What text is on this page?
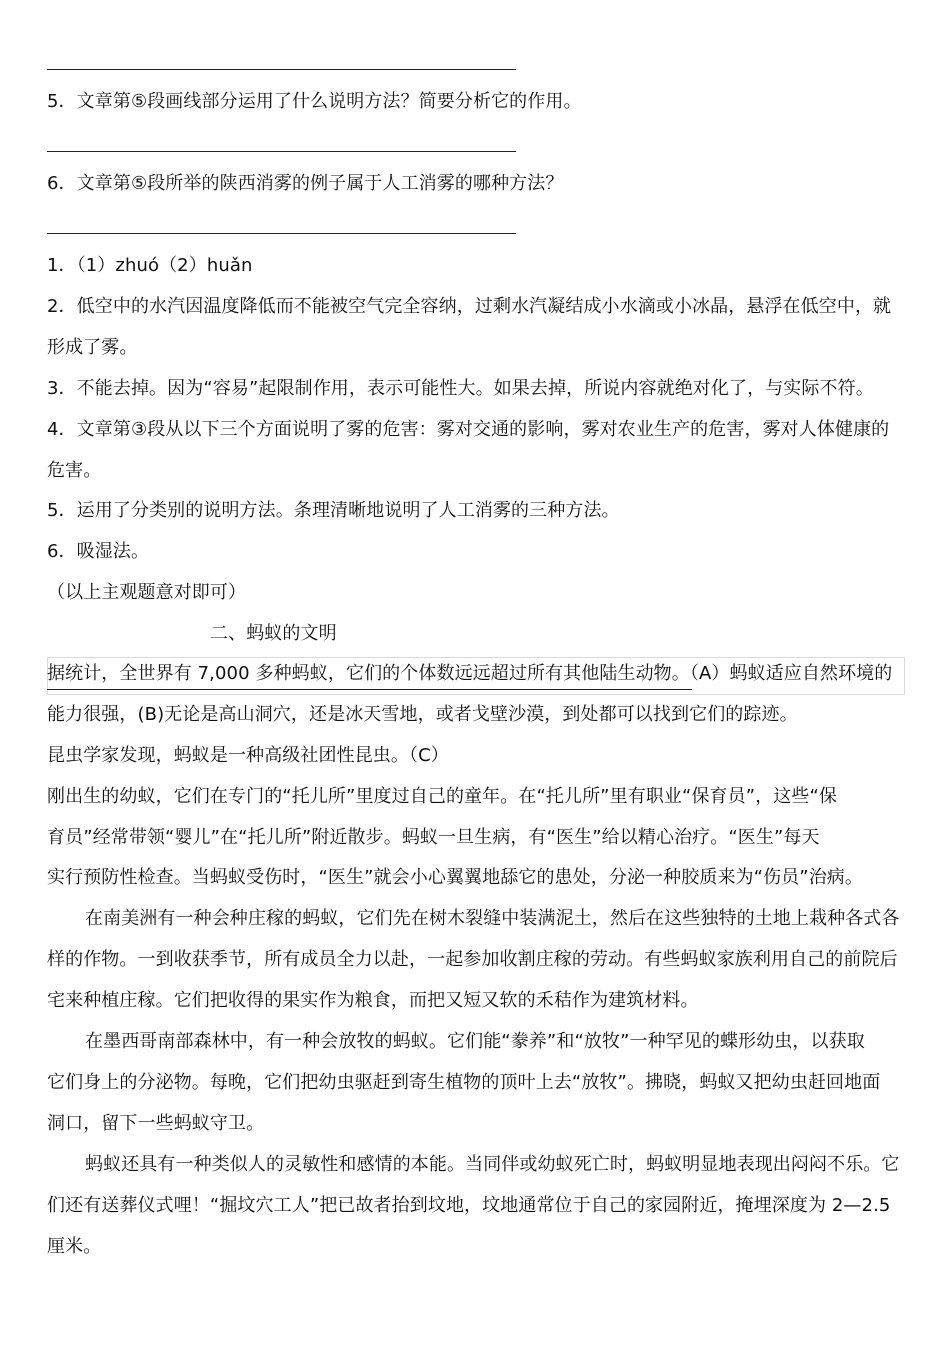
5．文章第⑤段画线部分运用了什么说明方法？简要分析它的作用。
6．文章第⑤段所举的陕西消雾的例子属于人工消雾的哪种方法？
1．（1）zhuó（2）huǎn
2．低空中的水汽因温度降低而不能被空气完全容纳，过剩水汽凝结成小水滴或小冰晶，悬浮在低空中，就
形成了雾。
3．不能去掉。因为“容易”起限制作用，表示可能性大。如果去掉，所说内容就绝对化了，与实际不符。
4．文章第③段从以下三个方面说明了雾的危害：雾对交通的影响，雾对农业生产的危害，雾对人体健康的
危害。
5．运用了分类别的说明方法。条理清晰地说明了人工消雾的三种方法。
6．吸湿法。
（以上主观题意对即可）
二、蚂蚁的文明
据统计，全世界有 7,000 多种蚂蚁，它们的个体数远远超过所有其他陆生动物。（A）蚂蚁适应自然环境的
能力很强，(B)无论是高山洞穴，还是冰天雪地，或者戈壁沙漠，到处都可以找到它们的踪迹。
昆虫学家发现，蚂蚁是一种高级社团性昆虫。（C）
刚出生的幼蚁，它们在专门的“托儿所”里度过自己的童年。在“托儿所”里有职业“保育员”，这些“保
育员”经常带领“婴儿”在“托儿所”附近散步。蚂蚁一旦生病，有“医生”给以精心治疗。“医生”每天
实行预防性检查。当蚂蚁受伤时，“医生”就会小心翼翼地舔它的患处，分泌一种胶质来为“伤员”治病。
在南美洲有一种会种庄稼的蚂蚁，它们先在树木裂缝中装满泥土，然后在这些独特的土地上栽种各式各
样的作物。一到收获季节，所有成员全力以赴，一起参加收割庄稼的劳动。有些蚂蚁家族利用自己的前院后
宅来种植庄稼。它们把收得的果实作为粮食，而把又短又软的禾秸作为建筑材料。
在墨西哥南部森林中，有一种会放牧的蚂蚁。它们能“豢养”和“放牧”一种罕见的蝶形幼虫，以获取
它们身上的分泌物。每晚，它们把幼虫驱赶到寄生植物的顶叶上去“放牧”。拂晓，蚂蚁又把幼虫赶回地面
洞口，留下一些蚂蚁守卫。
蚂蚁还具有一种类似人的灵敏性和感情的本能。当同伴或幼蚁死亡时，蚂蚁明显地表现出闷闷不乐。它
们还有送葬仪式哩！“掘坟穴工人”把已故者抬到坟地，坟地通常位于自己的家园附近，掩埋深度为 2—2.5
厘米。
